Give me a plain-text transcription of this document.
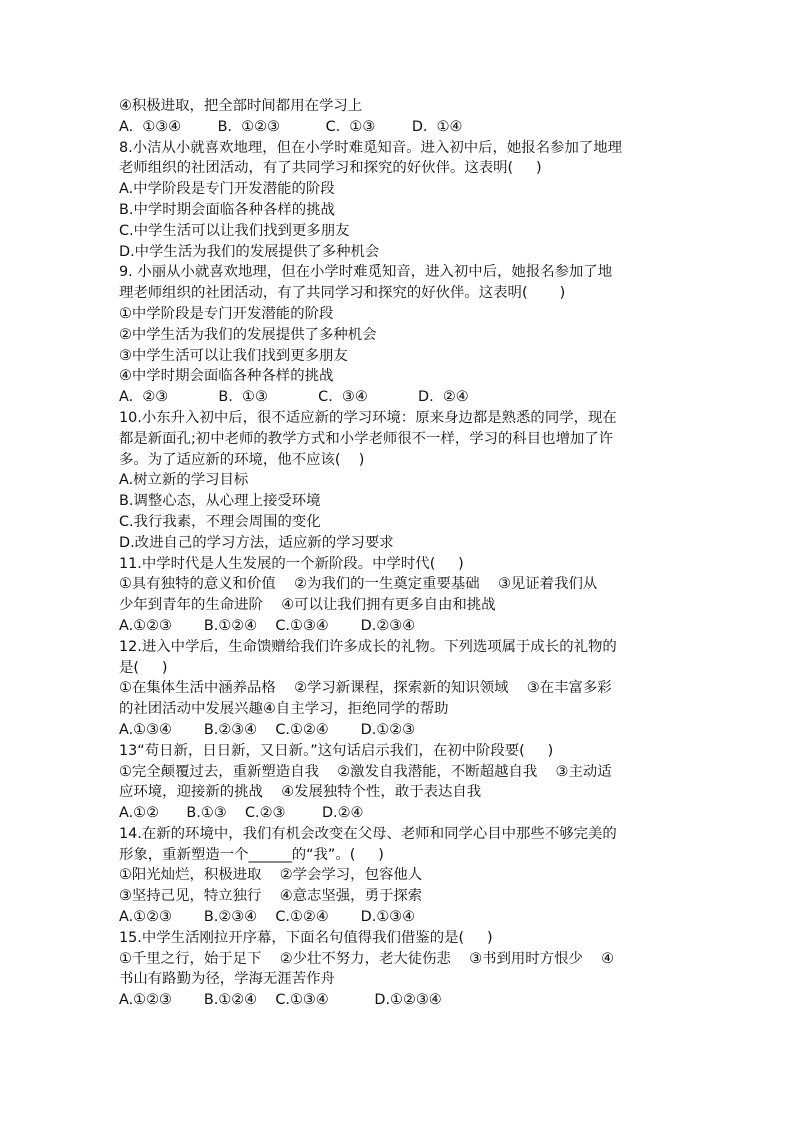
④积极进取，把全部时间都用在学习上
A.  ①③④        B.  ①②③          C.  ①③        D.  ①④
8.小洁从小就喜欢地理，但在小学时难觅知音。进入初中后，她报名参加了地理
老师组织的社团活动，有了共同学习和探究的好伙伴。这表明(     )
A.中学阶段是专门开发潜能的阶段
B.中学时期会面临各种各样的挑战
C.中学生活可以让我们找到更多朋友
D.中学生活为我们的发展提供了多种机会
9. 小丽从小就喜欢地理，但在小学时难觅知音，进入初中后，她报名参加了地
理老师组织的社团活动，有了共同学习和探究的好伙伴。这表明(       )
①中学阶段是专门开发潜能的阶段
②中学生活为我们的发展提供了多种机会
③中学生活可以让我们找到更多朋友
④中学时期会面临各种各样的挑战
A.  ②③           B.  ①③           C.  ③④           D.  ②④
10.小东升入初中后，很不适应新的学习环境：原来身边都是熟悉的同学，现在
都是新面孔;初中老师的教学方式和小学老师很不一样，学习的科目也增加了许
多。为了适应新的环境，他不应该(    )
A.树立新的学习目标
B.调整心态，从心理上接受环境
C.我行我素，不理会周围的变化
D.改进自己的学习方法，适应新的学习要求
11.中学时代是人生发展的一个新阶段。中学时代(     )
①具有独特的意义和价值    ②为我们的一生奠定重要基础    ③见证着我们从
少年到青年的生命进阶    ④可以让我们拥有更多自由和挑战
A.①②③       B.①②④    C.①③④       D.②③④
12.进入中学后，生命馈赠给我们许多成长的礼物。下列选项属于成长的礼物的
是(     )
①在集体生活中涵养品格    ②学习新课程，探索新的知识领域    ③在丰富多彩
的社团活动中发展兴趣④自主学习，拒绝同学的帮助
A.①③④       B.②③④    C.①②④       D.①②③
13“苟日新，日日新，又日新。”这句话启示我们，在初中阶段要(     )
①完全颠覆过去，重新塑造自我    ②激发自我潜能，不断超越自我    ③主动适
应环境，迎接新的挑战    ④发展独特个性，敢于表达自我
A.①②      B.①③    C.②③        D.②④
14.在新的环境中，我们有机会改变在父母、老师和同学心目中那些不够完美的
形象，重新塑造一个______的“我”。(     )
①阳光灿烂，积极进取    ②学会学习，包容他人
③坚持己见，特立独行    ④意志坚强，勇于探索
A.①②③       B.②③④    C.①②④       D.①③④
15.中学生活刚拉开序幕，下面名句值得我们借鉴的是(     )
①千里之行，始于足下    ②少壮不努力，老大徒伤悲    ③书到用时方恨少    ④
书山有路勤为径，学海无涯苦作舟
A.①②③       B.①②④    C.①③④          D.①②③④
